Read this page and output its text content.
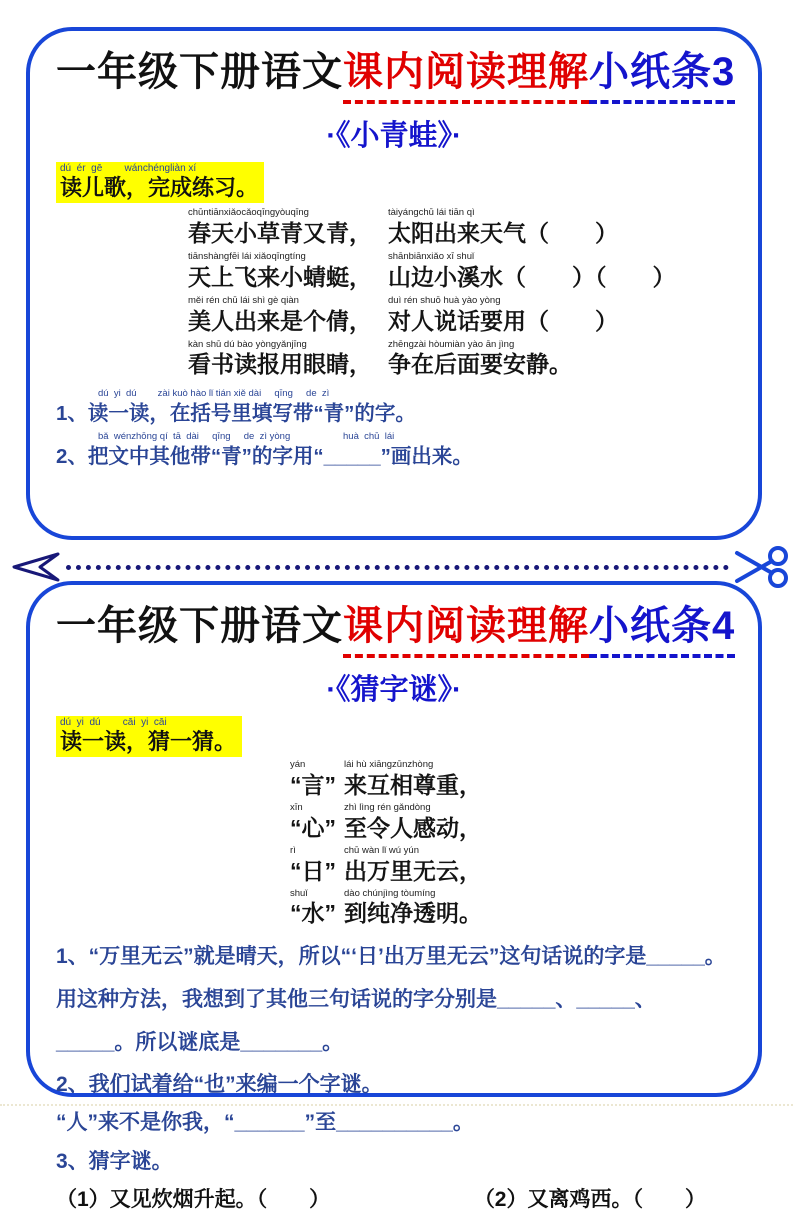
一年级下册语文课内阅读理解小纸条3
·《小青蛙》·
dú  ér  gē        wánchéngliàn xí
读儿歌，完成练习。
chūntiānxiǎocǎoqīngyòuqīng
春天小草青又青，
tàiyángchū lái tiān qì
太阳出来天气（　　）
tiānshàngfēi lái xiǎoqīngtíng
天上飞来小蜻蜓，
shānbiānxiǎo xī shuǐ
山边小溪水（　　）（　　）
měi rén chū lái shì gè qiàn
美人出来是个倩，
duì rén shuō huà yào yòng
对人说话要用（　　）
kàn shū dú bào yòngyǎnjīng
看书读报用眼睛，
zhēngzài hòumiàn yào ān jìng
争在后面要安静。
dú  yi  dú        zài kuò hào lǐ tián xiě dài     qīng     de  zì
1、读一读，在括号里填写带“青”的字。
bǎ  wénzhōng qí  tā  dài     qīng     de  zì yòng                    huà  chū  lái
2、把文中其他带“青”的字用“_____”画出来。
一年级下册语文课内阅读理解小纸条4
·《猜字谜》·
dú  yi  dú        cāi  yi  cāi
读一读，猜一猜。
yán
“言”
lái hù xiāngzūnzhòng
来互相尊重，
xīn
“心”
zhì lìng rén gǎndòng
至令人感动，
rì
“日”
chū wàn lǐ wú yún
出万里无云，
shuǐ
“水”
dào chúnjìng tòumíng
到纯净透明。

1、“万里无云”就是晴天，所以“‘日’出万里无云”这句话说的字是_____。用这种方法，我想到了其他三句话说的字分别是_____、_____、_____。所以谜底是_______。

2、我们试着给“也”来编一个字谜。

“人”来不是你我，“______”至__________。

3、猜字谜。

（1）又见炊烟升起。（　　）	（2）又离鸡西。（　　）
